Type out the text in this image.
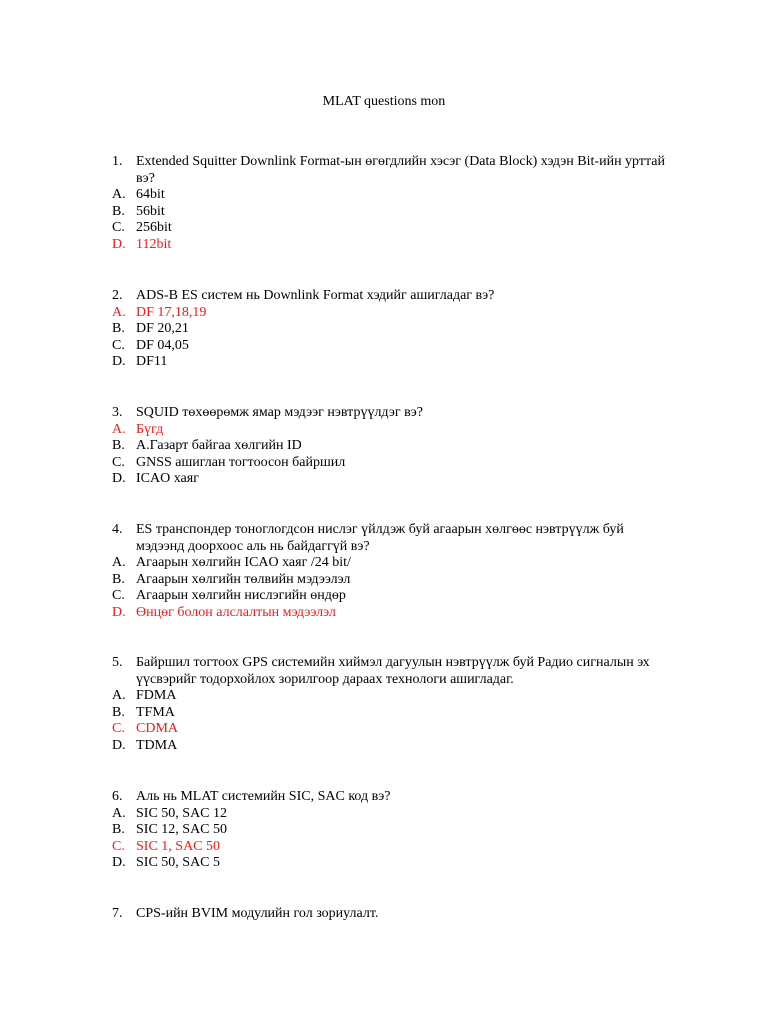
MLAT questions mon
1. Extended Squitter Downlink Format-ын өгөгдлийн хэсэг (Data Block) хэдэн Bit-ийн урттай вэ?
A. 64bit
B. 56bit
C. 256bit
D. 112bit
2. ADS-B ES систем нь Downlink Format хэдийг ашигладаг вэ?
A. DF 17,18,19
B. DF 20,21
C. DF 04,05
D. DF11
3. SQUID төхөөрөмж ямар мэдээг нэвтрүүлдэг вэ?
A. Бүгд
B. А.Газарт байгаа хөлгийн ID
C. GNSS ашиглан тогтоосон байршил
D. ICAO хаяг
4. ES транспондер тоноглогдсон нислэг үйлдэж буй агаарын хөлгөөс нэвтрүүлж буй мэдээнд доорхоос аль нь байдаггүй вэ?
A. Агаарын хөлгийн ICAO хаяг /24 bit/
B. Агаарын хөлгийн төлвийн мэдээлэл
C. Агаарын хөлгийн нислэгийн өндөр
D. Өнцөг болон алслалтын мэдээлэл
5. Байршил тогтоох GPS системийн хиймэл дагуулын нэвтрүүлж буй Радио сигналын эх үүсвэрийг тодорхойлох зорилгоор дараах технологи ашигладаг.
A. FDMA
B. TFMA
C. CDMA
D. TDMA
6. Аль нь MLAT системийн SIC, SAC код вэ?
A. SIC 50, SAC 12
B. SIC 12, SAC 50
C. SIC 1, SAC 50
D. SIC 50, SAC 5
7. CPS-ийн BVIM модулийн гол зориулалт.
